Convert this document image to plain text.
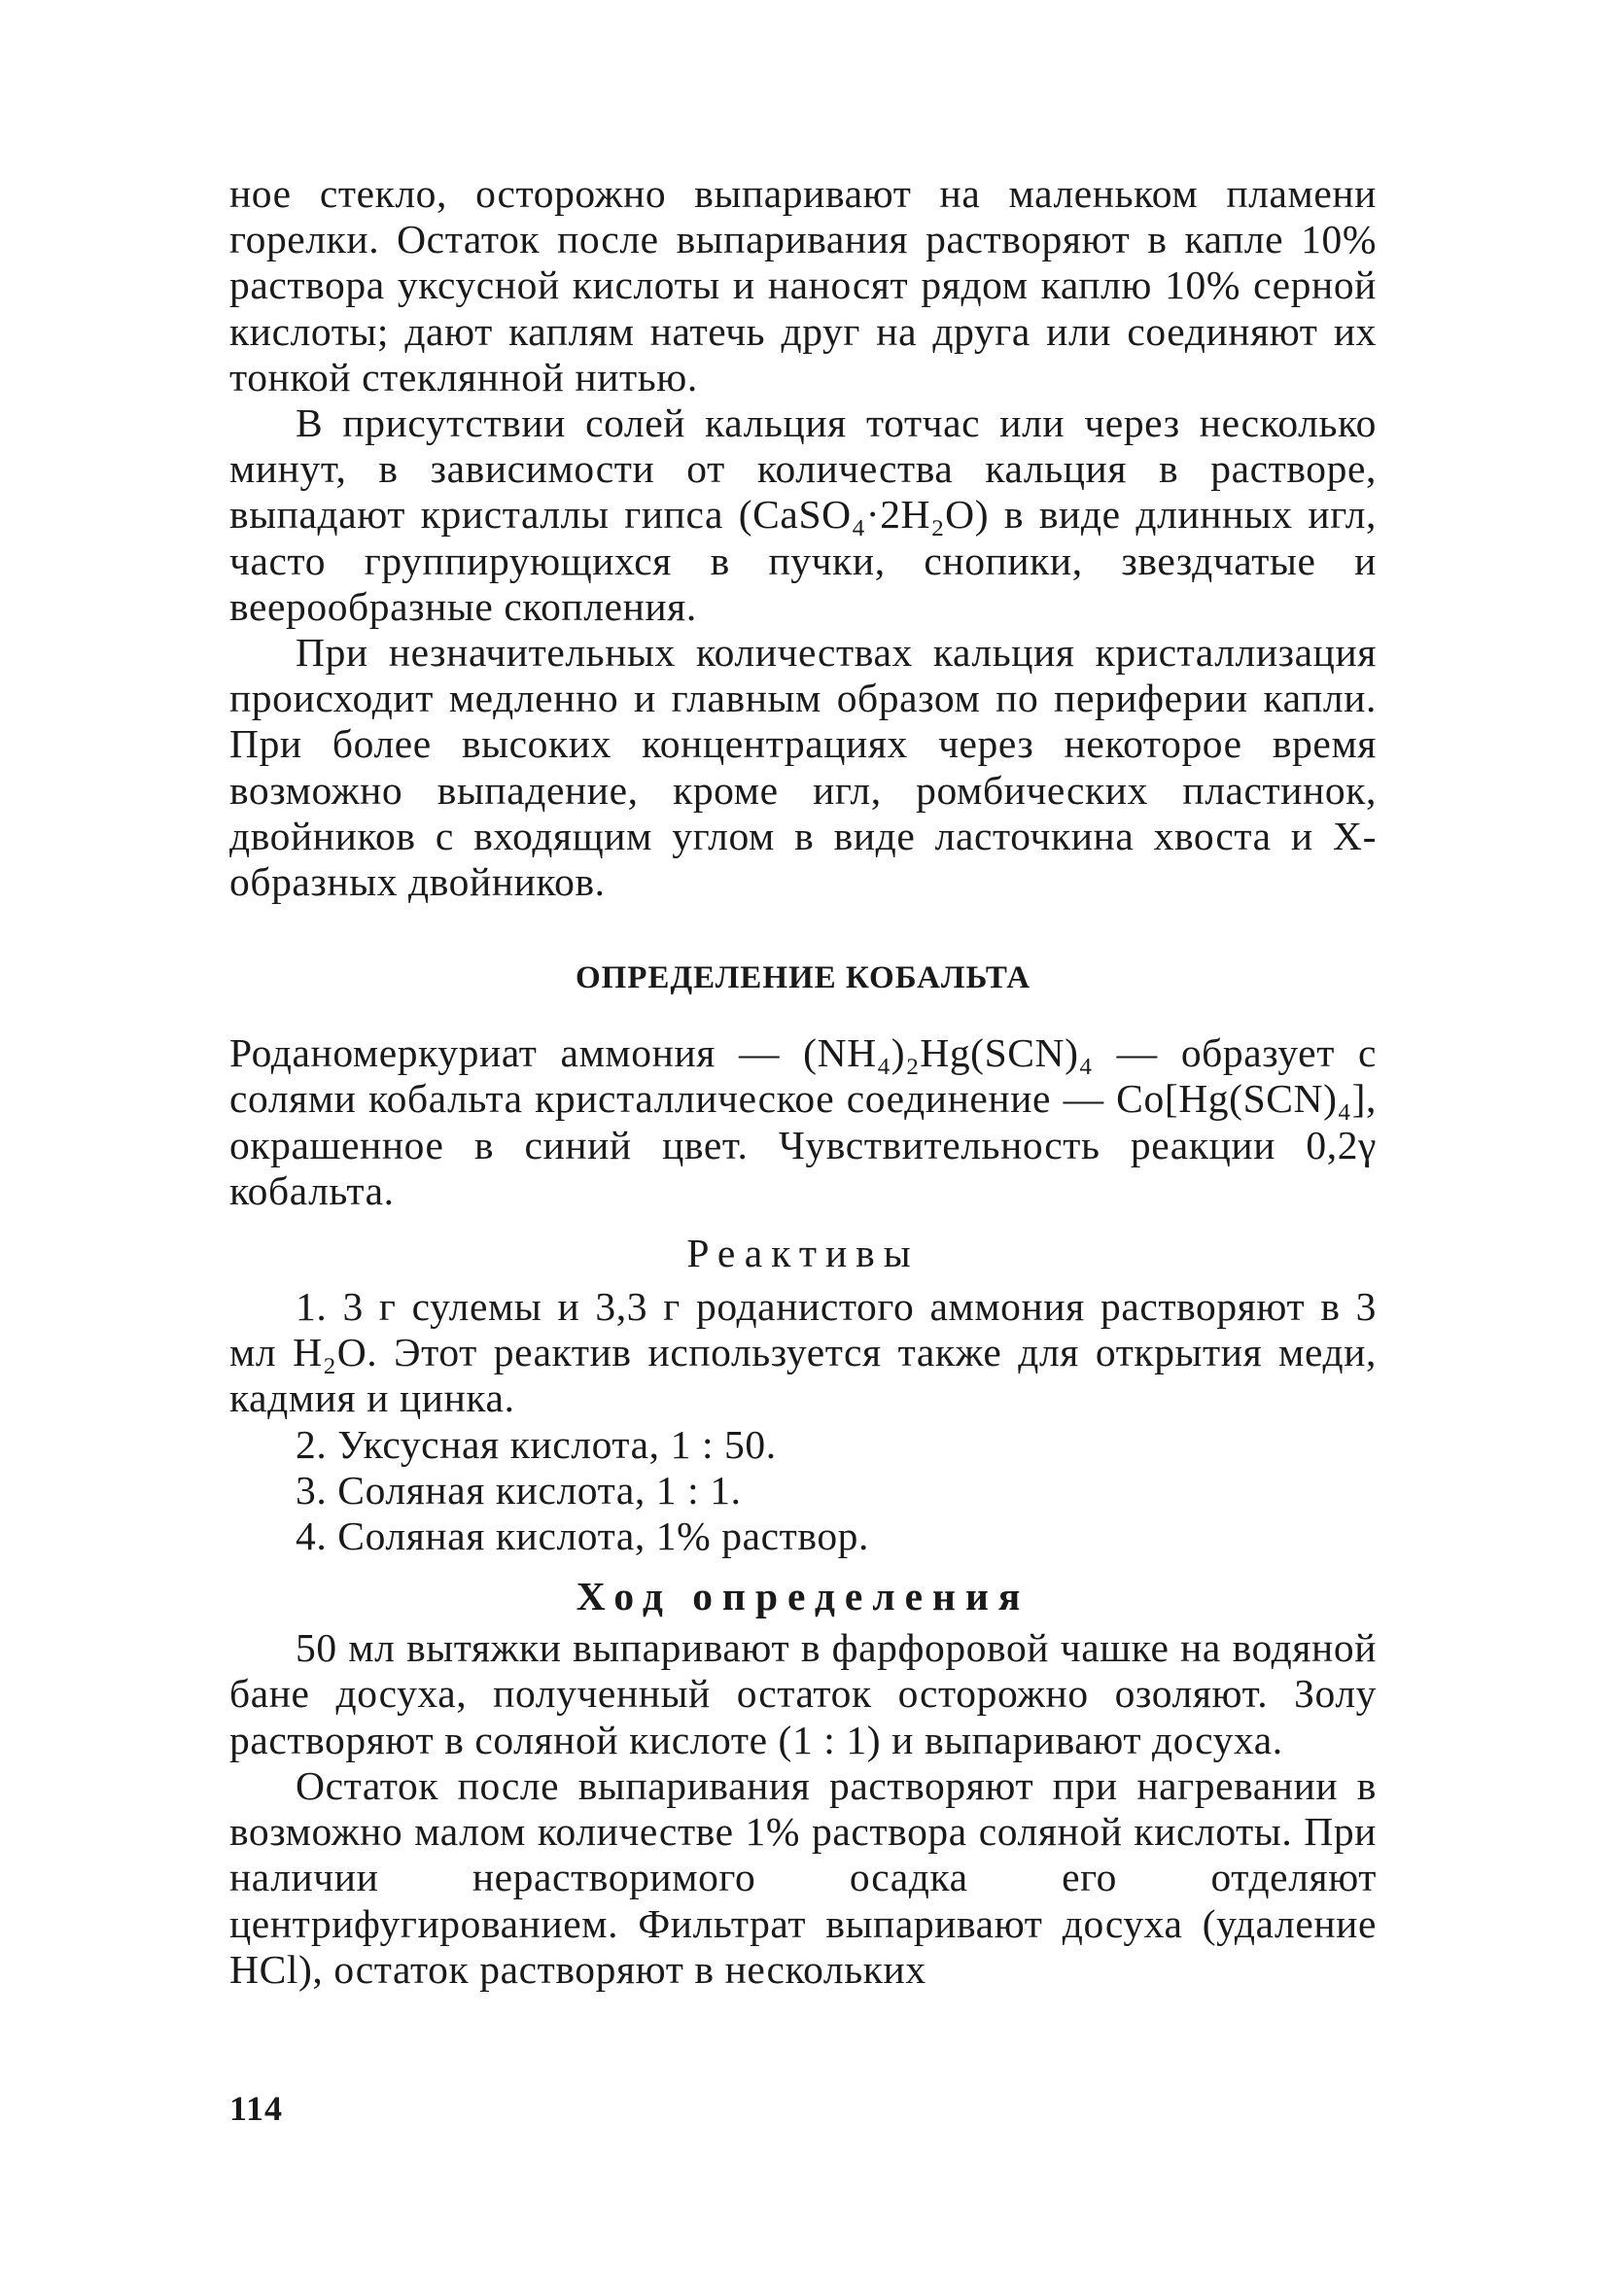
ное стекло, осторожно выпаривают на маленьком пламени горелки. Остаток после выпаривания растворяют в капле 10% раствора уксусной кислоты и наносят рядом каплю 10% серной кислоты; дают каплям натечь друг на друга или соединяют их тонкой стеклянной нитью.

В присутствии солей кальция тотчас или через несколько минут, в зависимости от количества кальция в растворе, выпадают кристаллы гипса (CaSO₄·2H₂O) в виде длинных игл, часто группирующихся в пучки, снопики, звездчатые и веерообразные скопления.

При незначительных количествах кальция кристаллизация происходит медленно и главным образом по периферии капли. При более высоких концентрациях через некоторое время возможно выпадение, кроме игл, ромбических пластинок, двойников с входящим углом в виде ласточкина хвоста и Х-образных двойников.

ОПРЕДЕЛЕНИЕ КОБАЛЬТА

Роданомеркуриат аммония — (NH₄)₂Hg(SCN)₄ — образует с солями кобальта кристаллическое соединение — Co[Hg(SCN)₄], окрашенное в синий цвет. Чувствительность реакции 0,2γ кобальта.

Реактивы

1. 3 г сулемы и 3,3 г роданистого аммония растворяют в 3 мл H₂O. Этот реактив используется также для открытия меди, кадмия и цинка.

2. Уксусная кислота, 1 : 50.

3. Соляная кислота, 1 : 1.

4. Соляная кислота, 1% раствор.

Ход определения

50 мл вытяжки выпаривают в фарфоровой чашке на водяной бане досуха, полученный остаток осторожно озоляют. Золу растворяют в соляной кислоте (1 : 1) и выпаривают досуха.

Остаток после выпаривания растворяют при нагревании в возможно малом количестве 1% раствора соляной кислоты. При наличии нерастворимого осадка его отделяют центрифугированием. Фильтрат выпаривают досуха (удаление HCl), остаток растворяют в нескольких

114
